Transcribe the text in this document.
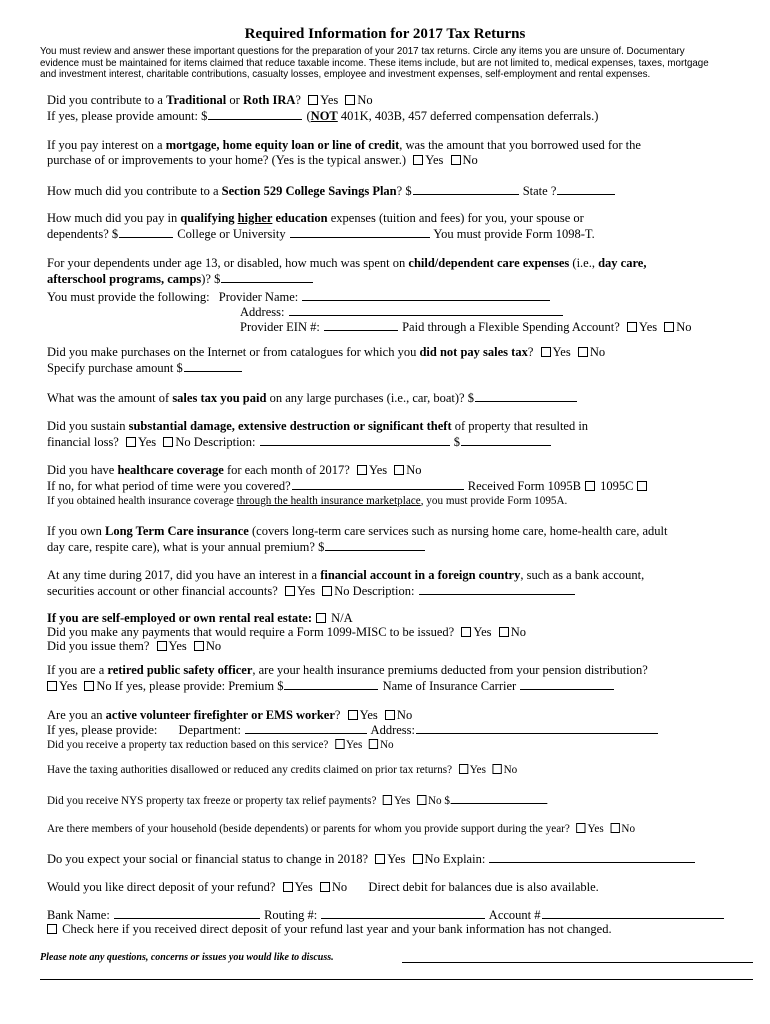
Required Information for 2017 Tax Returns
You must review and answer these important questions for the preparation of your 2017 tax returns. Circle any items you are unsure of. Documentary evidence must be maintained for items claimed that reduce taxable income. These items include, but are not limited to, medical expenses, taxes, mortgage and investment interest, charitable contributions, casualty losses, employee and investment expenses, self-employment and rental expenses.
Did you contribute to a Traditional or Roth IRA? Yes No
If yes, please provide amount: $	(NOT 401K, 403B, 457 deferred compensation deferrals.)
If you pay interest on a mortgage, home equity loan or line of credit, was the amount that you borrowed used for the
purchase of or improvements to your home? (Yes is the typical answer.) Yes No
How much did you contribute to a Section 529 College Savings Plan? $	State ?
How much did you pay in qualifying higher education expenses (tuition and fees) for you, your spouse or
dependents? $	College or University	You must provide Form 1098-T.
For your dependents under age 13, or disabled, how much was spent on child/dependent care expenses (i.e., day care,
afterschool programs, camps)? $
You must provide the following: Provider Name:
Address:
Provider EIN #:	Paid through a Flexible Spending Account? Yes No
Did you make purchases on the Internet or from catalogues for which you did not pay sales tax? Yes No
Specify purchase amount $
What was the amount of sales tax you paid on any large purchases (i.e., car, boat)? $
Did you sustain substantial damage, extensive destruction or significant theft of property that resulted in
financial loss? Yes No Description:	$
Did you have healthcare coverage for each month of 2017? Yes No
If no, for what period of time were you covered?	Received Form 1095B 1095C
If you obtained health insurance coverage through the health insurance marketplace, you must provide Form 1095A.
If you own Long Term Care insurance (covers long-term care services such as nursing home care, home-health care, adult
day care, respite care), what is your annual premium? $
At any time during 2017, did you have an interest in a financial account in a foreign country, such as a bank account,
securities account or other financial accounts? Yes No Description:
If you are self-employed or own rental real estate: N/A
Did you make any payments that would require a Form 1099-MISC to be issued? Yes No
Did you issue them? Yes No
If you are a retired public safety officer, are your health insurance premiums deducted from your pension distribution?
Yes No If yes, please provide: Premium $	Name of Insurance Carrier
Are you an active volunteer firefighter or EMS worker? Yes No
If yes, please provide: Department:	Address:
Did you receive a property tax reduction based on this service? Yes No
Have the taxing authorities disallowed or reduced any credits claimed on prior tax returns? Yes No
Did you receive NYS property tax freeze or property tax relief payments? Yes No $
Are there members of your household (beside dependents) or parents for whom you provide support during the year? Yes No
Do you expect your social or financial status to change in 2018? Yes No Explain:
Would you like direct deposit of your refund? Yes No Direct debit for balances due is also available.
Bank Name:	Routing #:	Account #
Check here if you received direct deposit of your refund last year and your bank information has not changed.
Please note any questions, concerns or issues you would like to discuss.
